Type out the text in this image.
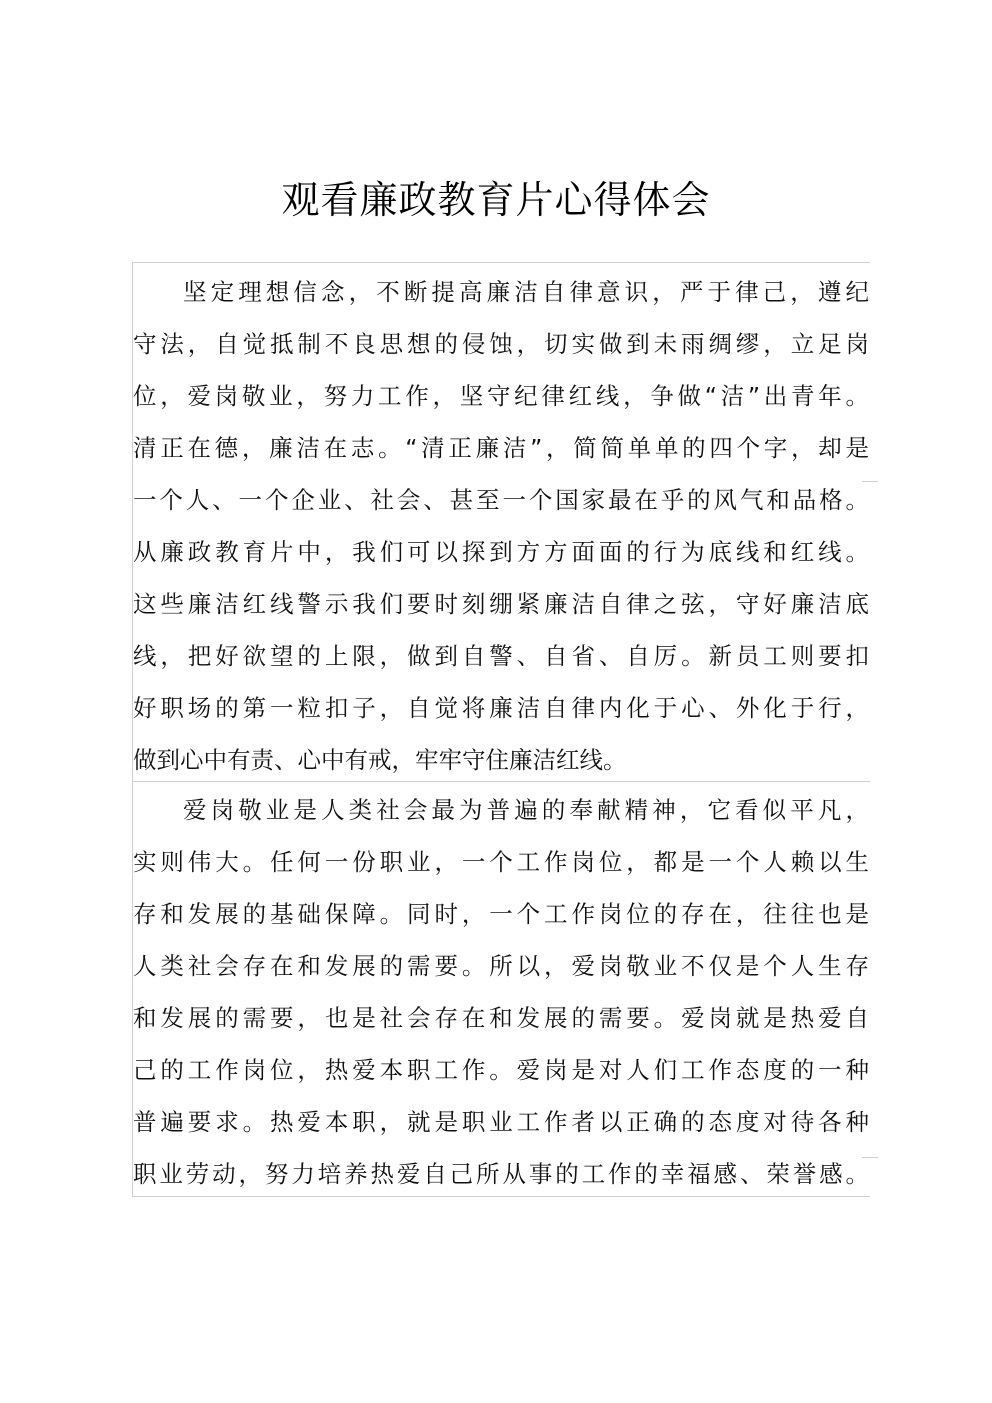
观看廉政教育片心得体会
坚定理想信念，不断提高廉洁自律意识，严于律己，遵纪
守法，自觉抵制不良思想的侵蚀，切实做到未雨绸缪，立足岗
位，爱岗敬业，努力工作，坚守纪律红线，争做“洁”出青年。
清正在德，廉洁在志。“清正廉洁”，简简单单的四个字，却是
一个人、一个企业、社会、甚至一个国家最在乎的风气和品格。
从廉政教育片中，我们可以探到方方面面的行为底线和红线。
这些廉洁红线警示我们要时刻绷紧廉洁自律之弦，守好廉洁底
线，把好欲望的上限，做到自警、自省、自厉。新员工则要扣
好职场的第一粒扣子，自觉将廉洁自律内化于心、外化于行，
做到心中有责、心中有戒，牢牢守住廉洁红线。
爱岗敬业是人类社会最为普遍的奉献精神，它看似平凡，
实则伟大。任何一份职业，一个工作岗位，都是一个人赖以生
存和发展的基础保障。同时，一个工作岗位的存在，往往也是
人类社会存在和发展的需要。所以，爱岗敬业不仅是个人生存
和发展的需要，也是社会存在和发展的需要。爱岗就是热爱自
己的工作岗位，热爱本职工作。爱岗是对人们工作态度的一种
普遍要求。热爱本职，就是职业工作者以正确的态度对待各种
职业劳动，努力培养热爱自己所从事的工作的幸福感、荣誉感。
